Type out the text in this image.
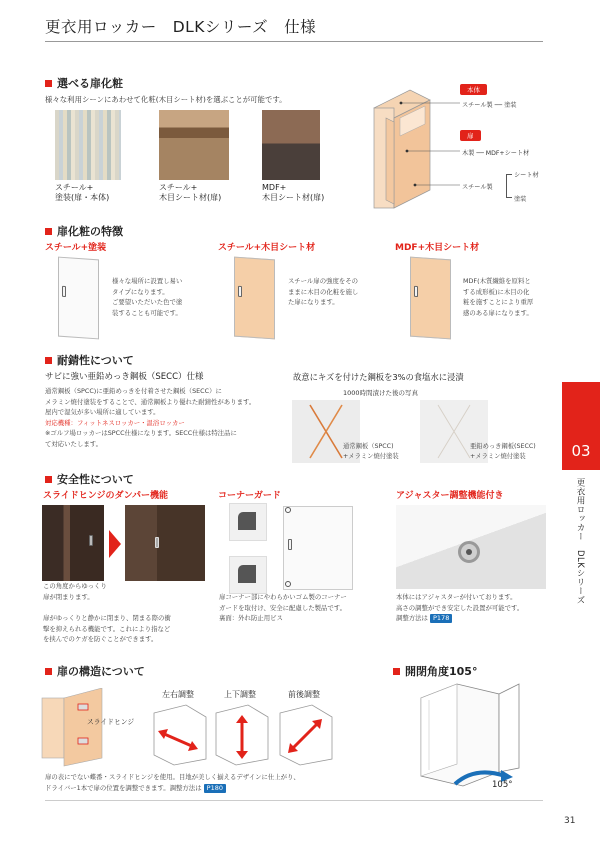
更衣用ロッカー　DLKシリーズ　仕様
03
更衣用ロッカー　DLKシリーズ
選べる扉化粧
様々な利用シーンにあわせて化粧(木目シート材)を選ぶことが可能です。
スチール+
塗装(扉・本体)
スチール+
木目シート材(扉)
MDF+
木目シート材(扉)
本体
スチール製 ── 塗装
扉
木製 ── MDF+シート材
スチール製
シート材
塗装
扉化粧の特徴
スチール+塗装	スチール+木目シート材	MDF+木目シート材
様々な場所に設置し易い
タイプになります。
ご要望いただいた色で塗
装することも可能です。
スチール扉の強度をその
ままに木目の化粧を施し
た扉になります。
MDF(木質繊維を原料と
する成形板)に木目の化
粧を施すことにより重厚
感のある扉になります。
耐錆性について
サビに強い亜鉛めっき鋼板（SECC）仕様
通常鋼板（SPCC)に亜鉛めっきを付着させた鋼板（SECC）に
メラミン焼付塗装をすることで、通常鋼板より優れた耐錆性があります。
屋内で湿気が多い場所に適しています。
対応機種：フィットネスロッカー・温浴ロッカー
※ゴルフ場ロッカーはSPCC仕様になります。SECC仕様は特注品に
て対応いたします。
故意にキズを付けた鋼板を3%の食塩水に浸漬
1000時間漬けた後の写真
通常鋼板（SPCC)
+メラミン焼付塗装
亜鉛めっき鋼板(SECC)
+メラミン焼付塗装
安全性について
スライドヒンジのダンパー機能	コーナーガード	アジャスター調整機能付き
この角度からゆっくり
扉が閉まります。
扉がゆっくりと静かに閉まり、閉まる際の衝
撃を抑えられる機能です。これにより指など
を挟んでのケガを防ぐことができます。
扉コーナー部にやわらかいゴム製のコーナー
ガードを取付け、安全に配慮した製品です。
裏面：外れ防止用ビス
本体にはアジャスターが付いております。
高さの調整ができ安定した設置が可能です。
調整方法は P178
扉の構造について
スライドヒンジ
左右調整	上下調整	前後調整
扉の表にでない蝶番・スライドヒンジを使用。目地が美しく揃えるデザインに仕上がり、
ドライバー1本で扉の位置を調整できます。調整方法は P180
開閉角度105°
105°
31
